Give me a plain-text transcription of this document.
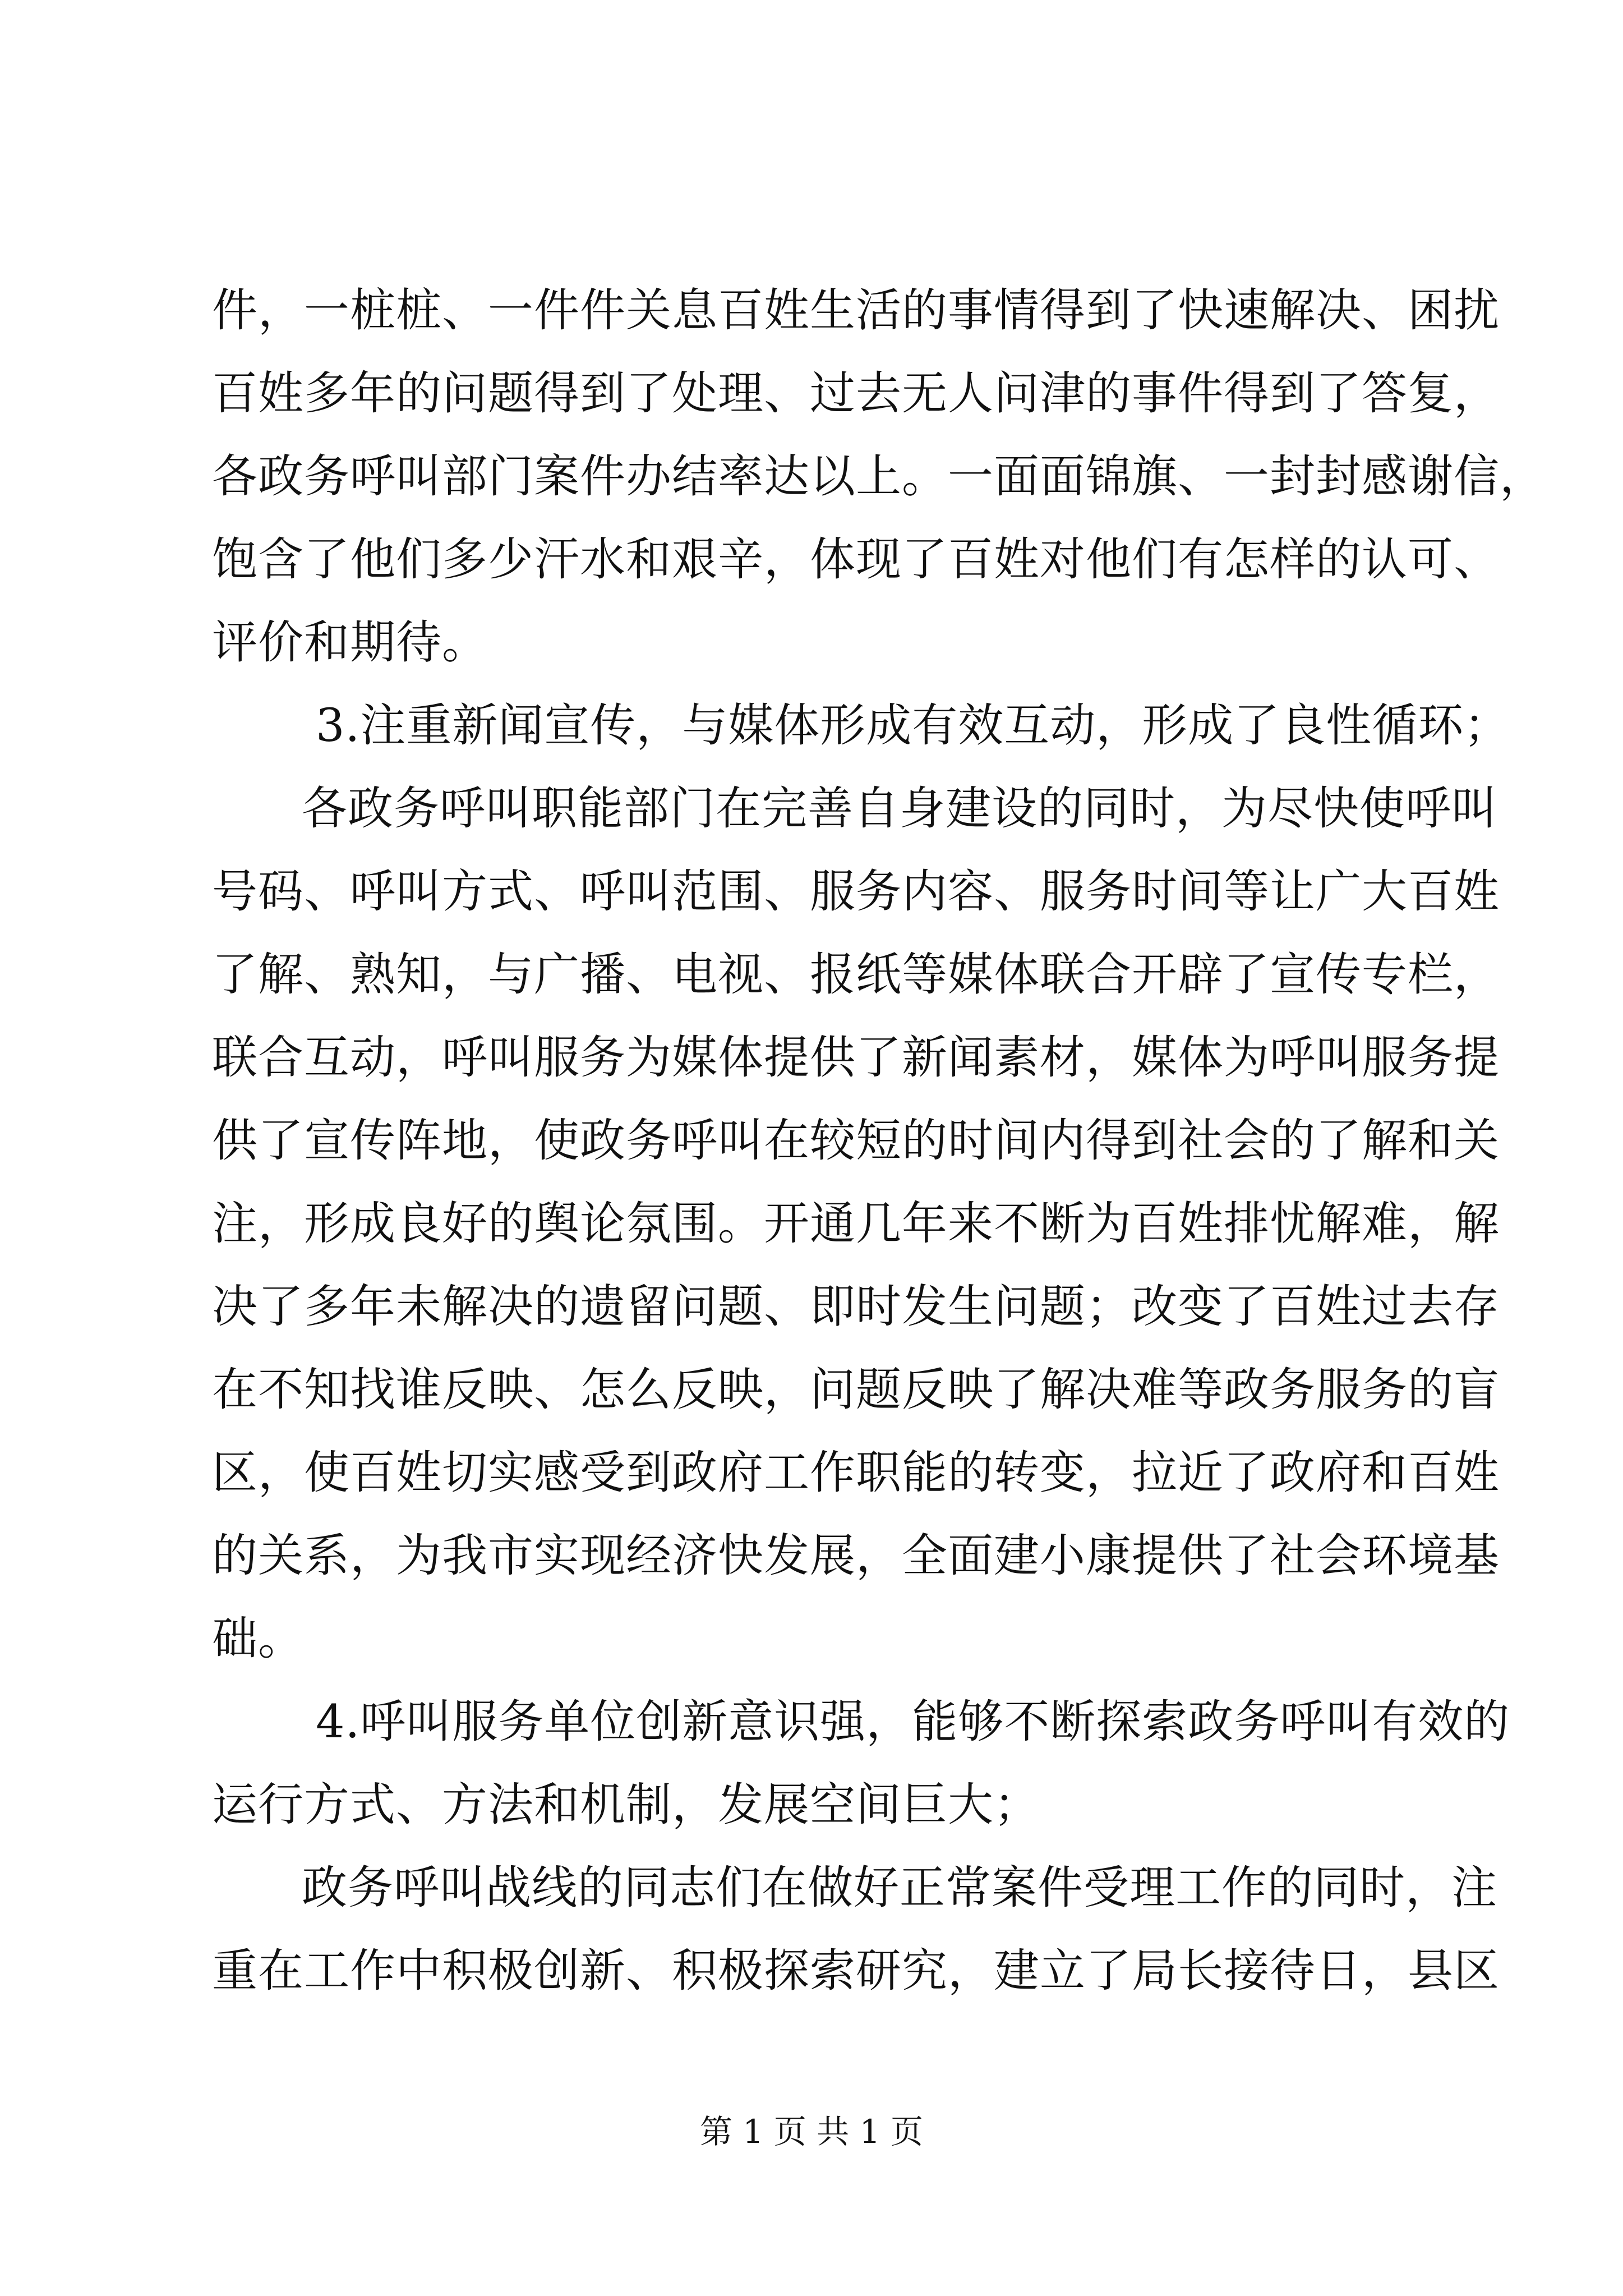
件，一桩桩、一件件关息百姓生活的事情得到了快速解决、困扰
百姓多年的问题得到了处理、过去无人问津的事件得到了答复，
各政务呼叫部门案件办结率达以上。一面面锦旗、一封封感谢信，
饱含了他们多少汗水和艰辛，体现了百姓对他们有怎样的认可、
评价和期待。
3.注重新闻宣传，与媒体形成有效互动，形成了良性循环；
各政务呼叫职能部门在完善自身建设的同时，为尽快使呼叫
号码、呼叫方式、呼叫范围、服务内容、服务时间等让广大百姓
了解、熟知，与广播、电视、报纸等媒体联合开辟了宣传专栏，
联合互动，呼叫服务为媒体提供了新闻素材，媒体为呼叫服务提
供了宣传阵地，使政务呼叫在较短的时间内得到社会的了解和关
注，形成良好的舆论氛围。开通几年来不断为百姓排忧解难，解
决了多年未解决的遗留问题、即时发生问题；改变了百姓过去存
在不知找谁反映、怎么反映，问题反映了解决难等政务服务的盲
区，使百姓切实感受到政府工作职能的转变，拉近了政府和百姓
的关系，为我市实现经济快发展，全面建小康提供了社会环境基
础。
4.呼叫服务单位创新意识强，能够不断探索政务呼叫有效的
运行方式、方法和机制，发展空间巨大；
政务呼叫战线的同志们在做好正常案件受理工作的同时，注
重在工作中积极创新、积极探索研究，建立了局长接待日，县区
第 1 页 共 1 页
